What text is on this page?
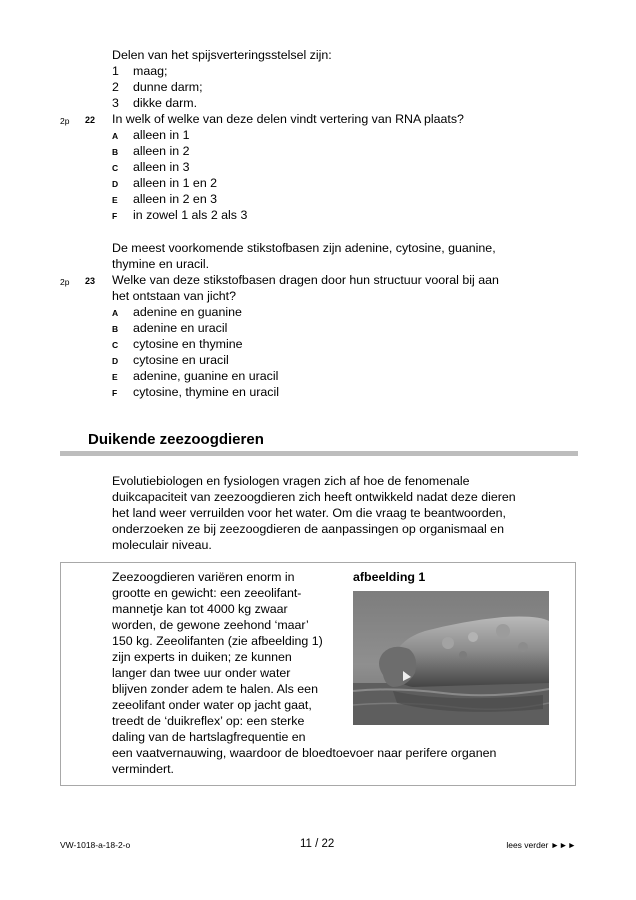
Delen van het spijsverteringsstelsel zijn:
1 maag;
2 dunne darm;
3 dikke darm.
2p 22 In welk of welke van deze delen vindt vertering van RNA plaats?
A alleen in 1
B alleen in 2
C alleen in 3
D alleen in 1 en 2
E alleen in 2 en 3
F in zowel 1 als 2 als 3
De meest voorkomende stikstofbasen zijn adenine, cytosine, guanine,
thymine en uracil.
2p 23 Welke van deze stikstofbasen dragen door hun structuur vooral bij aan
het ontstaan van jicht?
A adenine en guanine
B adenine en uracil
C cytosine en thymine
D cytosine en uracil
E adenine, guanine en uracil
F cytosine, thymine en uracil
Duikende zeezoogdieren
Evolutiebiologen en fysiologen vragen zich af hoe de fenomenale
duikcapaciteit van zeezoogdieren zich heeft ontwikkeld nadat deze dieren
het land weer verruilden voor het water. Om die vraag te beantwoorden,
onderzoeken ze bij zeezoogdieren de aanpassingen op organismaal en
moleculair niveau.
afbeelding 1
Zeezoogdieren variëren enorm in
grootte en gewicht: een zeeolifant-
mannetje kan tot 4000 kg zwaar
worden, de gewone zeehond ‘maar’
150 kg. Zeeolifanten (zie afbeelding 1)
zijn experts in duiken; ze kunnen
langer dan twee uur onder water
blijven zonder adem te halen. Als een
zeeolifant onder water op jacht gaat,
treedt de ‘duikreflex’ op: een sterke
daling van de hartslagfrequentie en
een vaatvernauwing, waardoor de bloedtoevoer naar perifere organen
vermindert.
VW-1018-a-18-2-o	11 / 22	lees verder ►►►
